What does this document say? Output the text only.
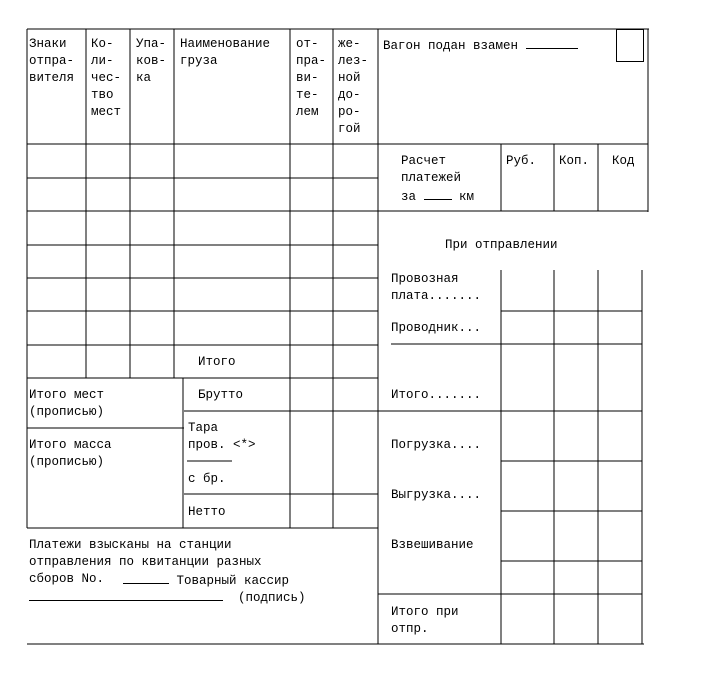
Знаки
отпра-
вителя
Ко-
ли-
чес-
тво
мест
Упа-
ков-
ка
Наименование
груза
от-
пра-
ви-
те-
лем
же-
лез-
ной
до-
ро-
гой
Вагон подан взамен
Расчет
платежей
за	км
Руб. Коп. Код
При отправлении
Провозная
плата.......
Проводник...
Итого.......
Погрузка....
Выгрузка....
Взвешивание
Итого при
отпр.
Итого
Итого мест
(прописью)
Итого масса
(прописью)
Брутто
Тара
пров. <*>
с бр.
Нетто
Платежи взысканы на станции
отправления по квитанции разных
сборов No.	Товарный кассир
(подпись)
